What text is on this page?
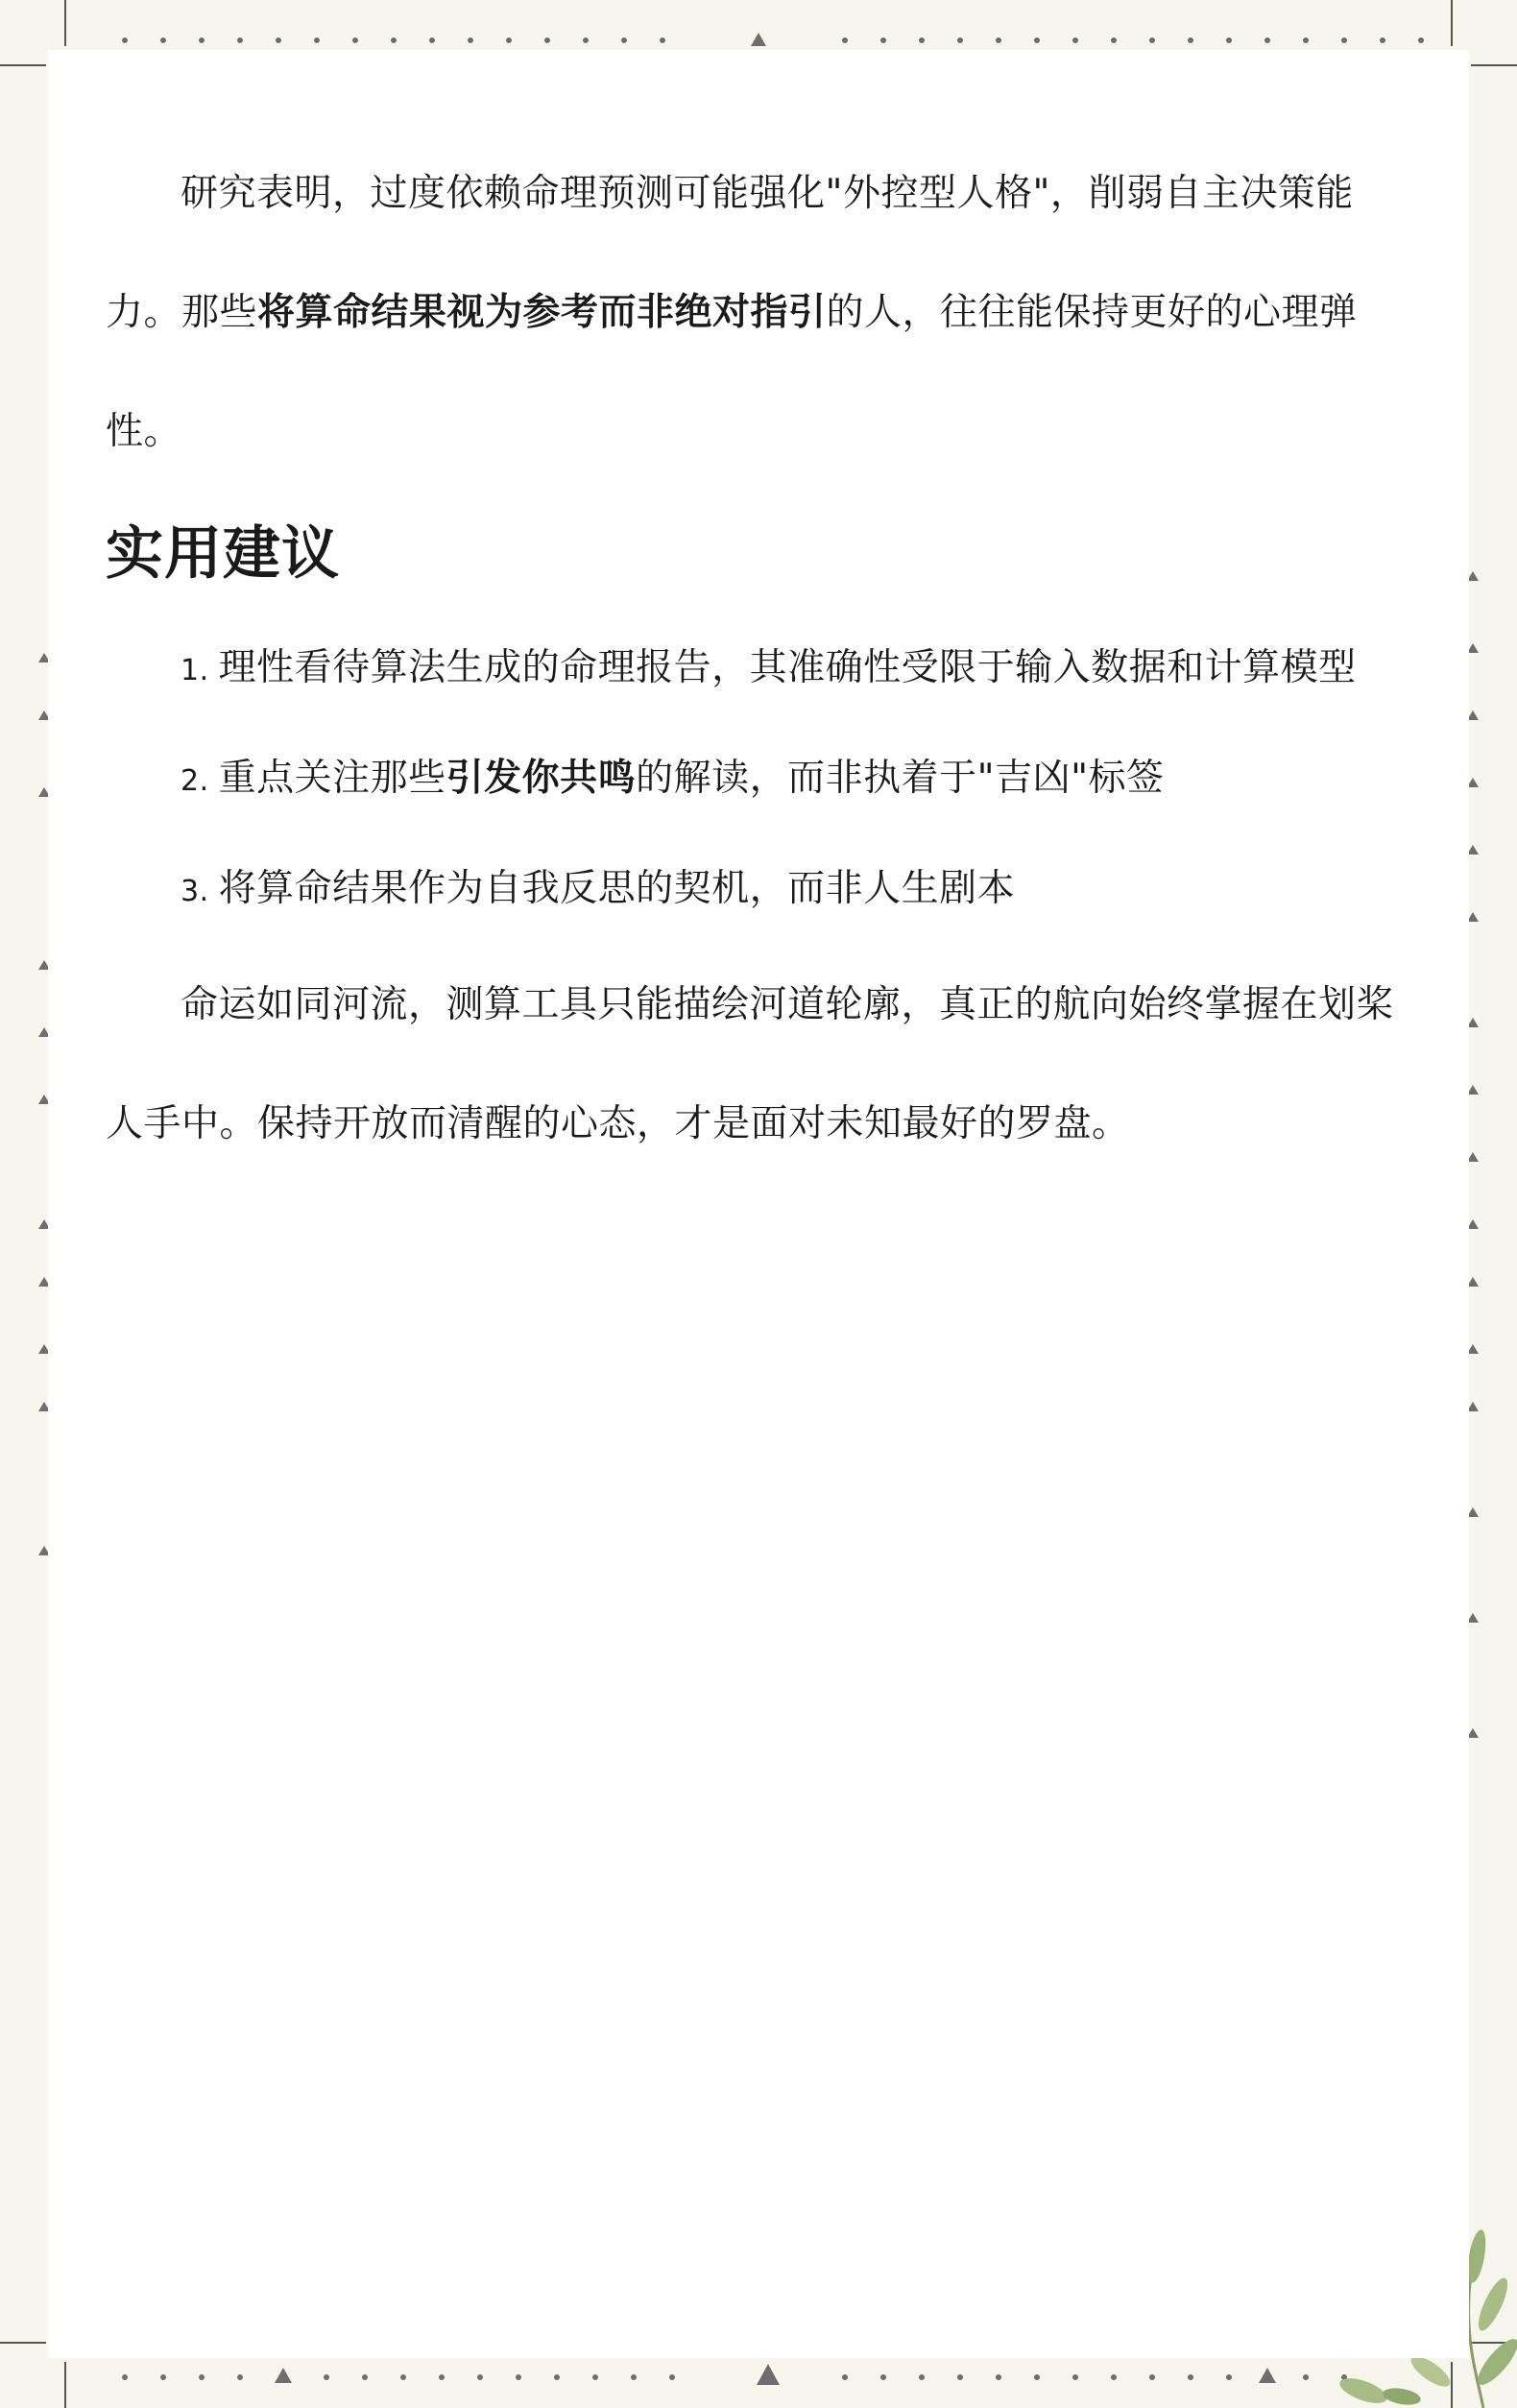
研究表明，过度依赖命理预测可能强化"外控型人格"，削弱自主决策能力。那些将算命结果视为参考而非绝对指引的人，往往能保持更好的心理弹性。

实用建议

1. 理性看待算法生成的命理报告，其准确性受限于输入数据和计算模型

2. 重点关注那些引发你共鸣的解读，而非执着于"吉凶"标签

3. 将算命结果作为自我反思的契机，而非人生剧本

命运如同河流，测算工具只能描绘河道轮廓，真正的航向始终掌握在划桨人手中。保持开放而清醒的心态，才是面对未知最好的罗盘。
